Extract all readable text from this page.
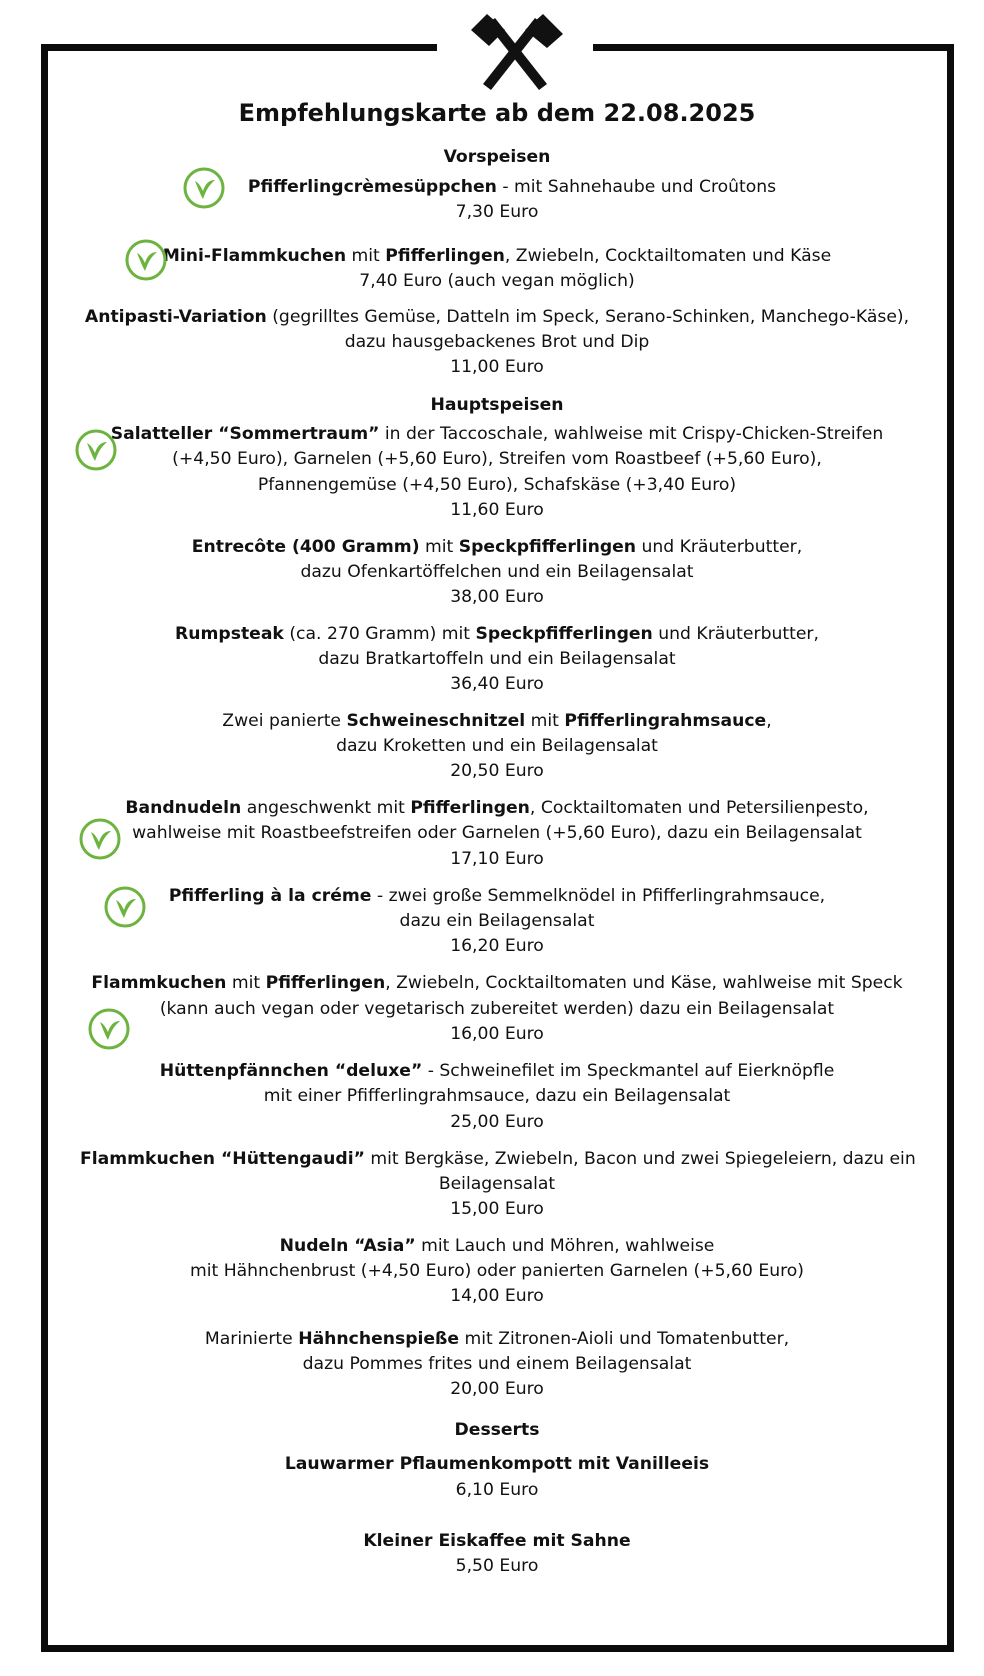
Empfehlungskarte ab dem 22.08.2025
Vorspeisen
Pfifferlingcrèmesüppchen - mit Sahnehaube und Croûtons
7,30 Euro
Mini-Flammkuchen mit Pfifferlingen, Zwiebeln, Cocktailtomaten und Käse
7,40 Euro (auch vegan möglich)
Antipasti-Variation (gegrilltes Gemüse, Datteln im Speck, Serano-Schinken, Manchego-Käse),
dazu hausgebackenes Brot und Dip
11,00 Euro
Hauptspeisen
Salatteller “Sommertraum” in der Taccoschale, wahlweise mit Crispy-Chicken-Streifen
(+4,50 Euro), Garnelen (+5,60 Euro), Streifen vom Roastbeef (+5,60 Euro),
Pfannengemüse (+4,50 Euro), Schafskäse (+3,40 Euro)
11,60 Euro
Entrecôte (400 Gramm) mit Speckpfifferlingen und Kräuterbutter,
dazu Ofenkartöffelchen und ein Beilagensalat
38,00 Euro
Rumpsteak (ca. 270 Gramm) mit Speckpfifferlingen und Kräuterbutter,
dazu Bratkartoffeln und ein Beilagensalat
36,40 Euro
Zwei panierte Schweineschnitzel mit Pfifferlingrahmsauce,
dazu Kroketten und ein Beilagensalat
20,50 Euro
Bandnudeln angeschwenkt mit Pfifferlingen, Cocktailtomaten und Petersilienpesto,
wahlweise mit Roastbeefstreifen oder Garnelen (+5,60 Euro), dazu ein Beilagensalat
17,10 Euro
Pfifferling à la créme - zwei große Semmelknödel in Pfifferlingrahmsauce,
dazu ein Beilagensalat
16,20 Euro
Flammkuchen mit Pfifferlingen, Zwiebeln, Cocktailtomaten und Käse, wahlweise mit Speck
(kann auch vegan oder vegetarisch zubereitet werden) dazu ein Beilagensalat
16,00 Euro
Hüttenpfännchen “deluxe” - Schweinefilet im Speckmantel auf Eierknöpfle
mit einer Pfifferlingrahmsauce, dazu ein Beilagensalat
25,00 Euro
Flammkuchen “Hüttengaudi” mit Bergkäse, Zwiebeln, Bacon und zwei Spiegeleiern, dazu ein
Beilagensalat
15,00 Euro
Nudeln “Asia” mit Lauch und Möhren, wahlweise
mit Hähnchenbrust (+4,50 Euro) oder panierten Garnelen (+5,60 Euro)
14,00 Euro
Marinierte Hähnchenspieße mit Zitronen-Aioli und Tomatenbutter,
dazu Pommes frites und einem Beilagensalat
20,00 Euro
Desserts
Lauwarmer Pflaumenkompott mit Vanilleeis
6,10 Euro
Kleiner Eiskaffee mit Sahne
5,50 Euro
